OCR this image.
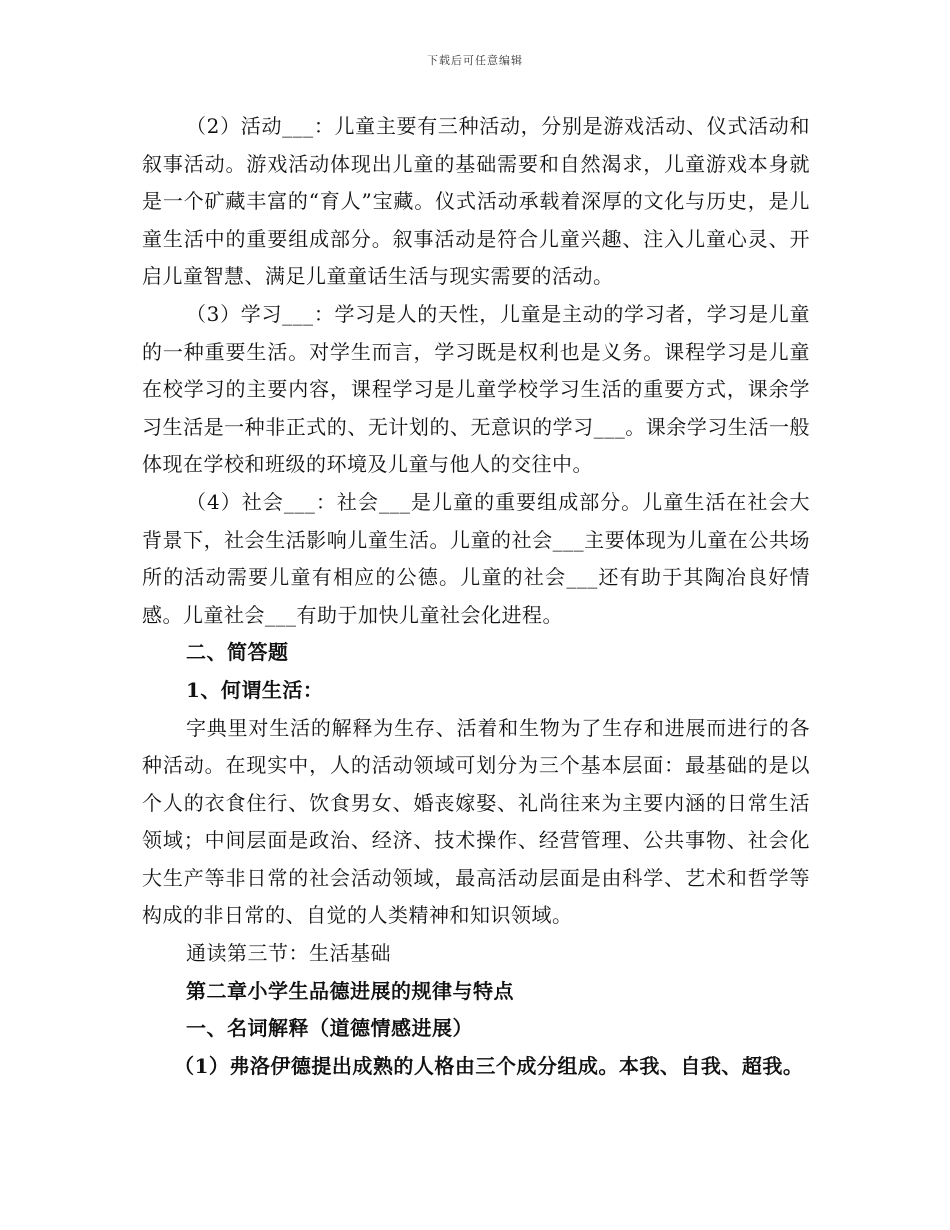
下载后可任意编辑

（2）活动___：儿童主要有三种活动，分别是游戏活动、仪式活动和叙事活动。游戏活动体现出儿童的基础需要和自然渴求，儿童游戏本身就是一个矿藏丰富的“育人”宝藏。仪式活动承载着深厚的文化与历史，是儿童生活中的重要组成部分。叙事活动是符合儿童兴趣、注入儿童心灵、开启儿童智慧、满足儿童童话生活与现实需要的活动。

（3）学习___：学习是人的天性，儿童是主动的学习者，学习是儿童的一种重要生活。对学生而言，学习既是权利也是义务。课程学习是儿童在校学习的主要内容，课程学习是儿童学校学习生活的重要方式，课余学习生活是一种非正式的、无计划的、无意识的学习___。课余学习生活一般体现在学校和班级的环境及儿童与他人的交往中。

（4）社会___：社会___是儿童的重要组成部分。儿童生活在社会大背景下，社会生活影响儿童生活。儿童的社会___主要体现为儿童在公共场所的活动需要儿童有相应的公德。儿童的社会___还有助于其陶冶良好情感。儿童社会___有助于加快儿童社会化进程。

二、简答题

1、何谓生活：

字典里对生活的解释为生存、活着和生物为了生存和进展而进行的各种活动。在现实中，人的活动领域可划分为三个基本层面：最基础的是以个人的衣食住行、饮食男女、婚丧嫁娶、礼尚往来为主要内涵的日常生活领域；中间层面是政治、经济、技术操作、经营管理、公共事物、社会化大生产等非日常的社会活动领域，最高活动层面是由科学、艺术和哲学等构成的非日常的、自觉的人类精神和知识领域。

通读第三节：生活基础

第二章小学生品德进展的规律与特点

一、名词解释（道德情感进展）

（1）弗洛伊德提出成熟的人格由三个成分组成。本我、自我、超我。
